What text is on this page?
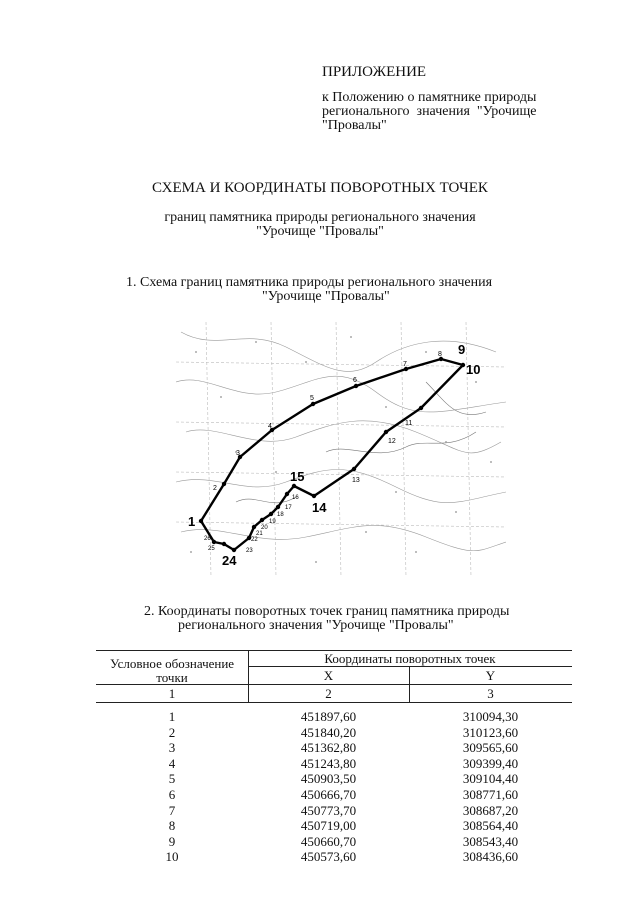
ПРИЛОЖЕНИЕ
к Положению о памятнике природы
регионального  значения  "Урочище
"Провалы"
СХЕМА И КООРДИНАТЫ ПОВОРОТНЫХ ТОЧЕК
границ памятника природы регионального значения
"Урочище "Провалы"
1. Схема границ памятника природы регионального значения
"Урочище "Провалы"
1
2
3
4
5
6
7
8 9
10
11
12
13
14
15
16
17
18
19
20
21
22
23
24
25
26
2. Координаты поворотных точек границ памятника природы
регионального значения "Урочище "Провалы"
Условное обозначение
точки
Координаты поворотных точек
X	Y
1	2	3
1	451897,60	310094,30
2	451840,20	310123,60
3	451362,80	309565,60
4	451243,80	309399,40
5	450903,50	309104,40
6	450666,70	308771,60
7	450773,70	308687,20
8	450719,00	308564,40
9	450660,70	308543,40
10	450573,60	308436,60
